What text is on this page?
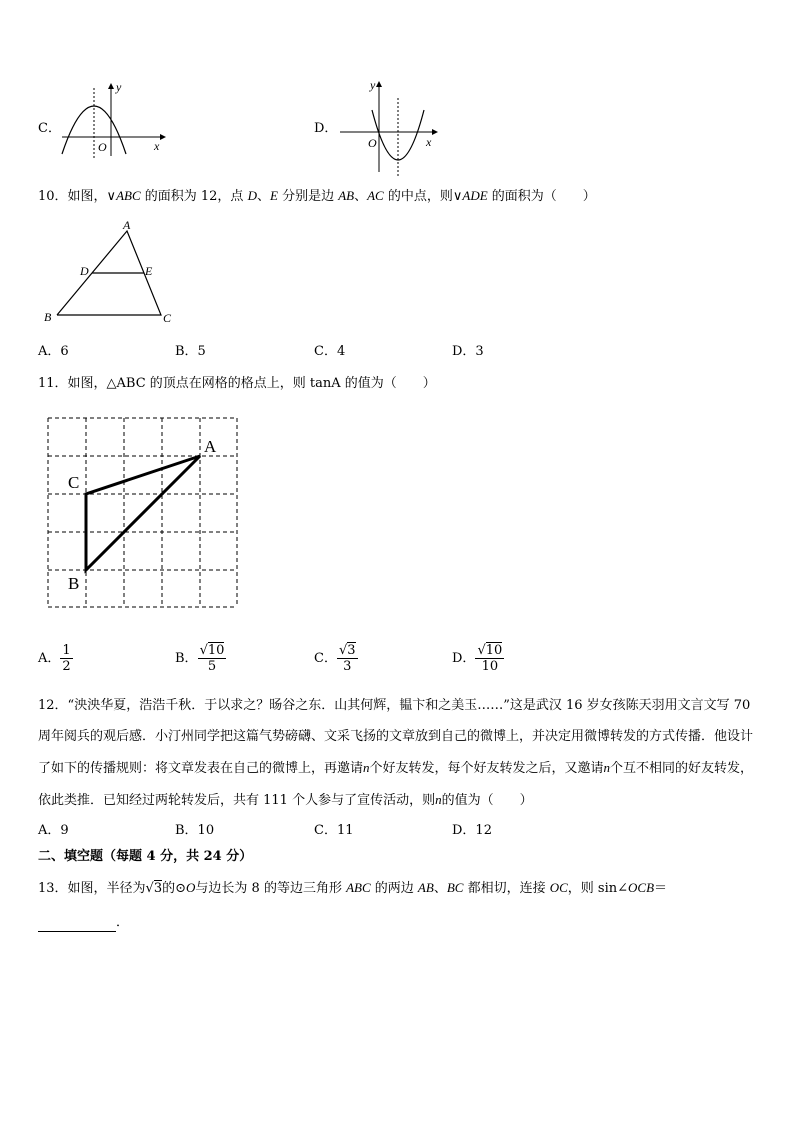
C．
O	x
y
D．
O	x
y
10．如图，∨ABC 的面积为 12，点 D、E 分别是边 AB、AC 的中点，则∨ADE 的面积为（　　）
A
D	E
B	C
A．6	B．5	C．4	D．3
11．如图，△ABC 的顶点在网格的格点上，则 tanA 的值为（　　）
A
C
B
A． $\frac{1}{2}$	B． $\frac{√10}{5}$	C． $\frac{√3}{3}$	D． $\frac{√10}{10}$
12．“泱泱华夏，浩浩千秋．于以求之？旸谷之东．山其何辉，韫卞和之美玉……”这是武汉 16 岁女孩陈天羽用文言文写 70 周年阅兵的观后感．小汀州同学把这篇气势磅礴、文采飞扬的文章放到自己的微博上，并决定用微博转发的方式传播．他设计了如下的传播规则：将文章发表在自己的微博上，再邀请n个好友转发，每个好友转发之后，又邀请n个互不相同的好友转发，依此类推．已知经过两轮转发后，共有 111 个人参与了宣传活动，则n的值为（　　）
A．9	B．10	C．11	D．12
二、填空题（每题 4 分，共 24 分）
13．如图，半径为√3的⊙O与边长为 8 的等边三角形 ABC 的两边 AB、BC 都相切，连接 OC，则 sin∠OCB＝
．
